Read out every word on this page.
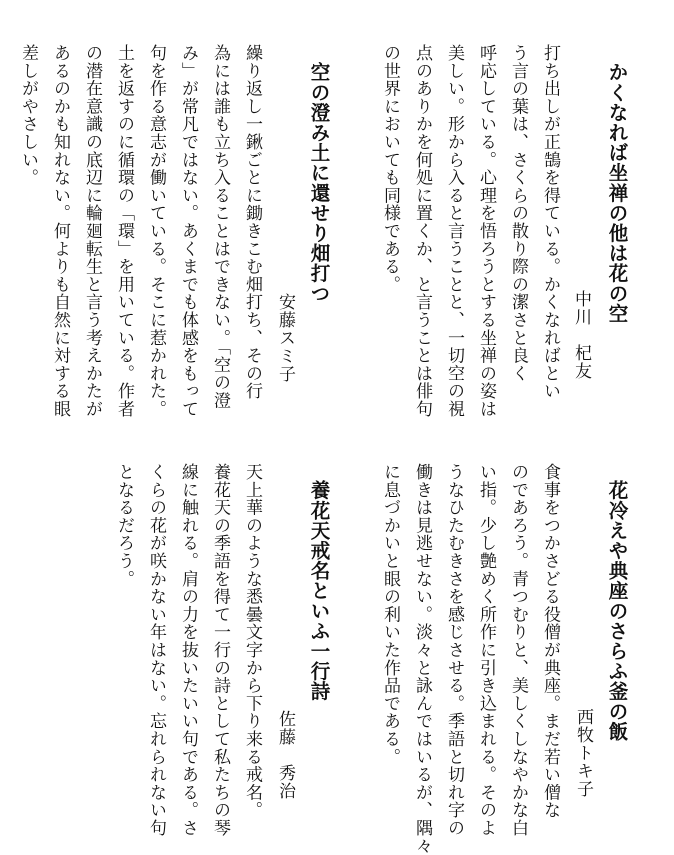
かくなれば坐禅の他は花の空
中川　杞友
打ち出しが正鵠を得ている。かくなればとい
う言の葉は、さくらの散り際の潔さと良く
呼応している。心理を悟ろうとする坐禅の姿は
美しい。形から入ると言うことと、一切空の視
点のありかを何処に置くか、と言うことは俳句
の世界においても同様である。
空の澄み土に還せり畑打つ
安藤スミ子
繰り返し一鍬ごとに鋤きこむ畑打ち、その行
為には誰も立ち入ることはできない。「空の澄
み」が常凡ではない。あくまでも体感をもって
句を作る意志が働いている。そこに惹かれた。
土を返すのに循環の「環」を用いている。作者
の潜在意識の底辺に輪廻転生と言う考えかたが
あるのかも知れない。何よりも自然に対する眼
差しがやさしい。
花冷えや典座のさらふ釜の飯
西牧トキ子
食事をつかさどる役僧が典座。まだ若い僧な
のであろう。青つむりと、美しくしなやかな白
い指。少し艶めく所作に引き込まれる。そのよ
うなひたむきさを感じさせる。季語と切れ字の
働きは見逃せない。淡々と詠んではいるが、隅々
に息づかいと眼の利いた作品である。
養花天戒名といふ一行詩
佐藤　秀治
天上華のような悉曇文字から下り来る戒名。
養花天の季語を得て一行の詩として私たちの琴
線に触れる。肩の力を抜いたいい句である。さ
くらの花が咲かない年はない。忘れられない句
となるだろう。
